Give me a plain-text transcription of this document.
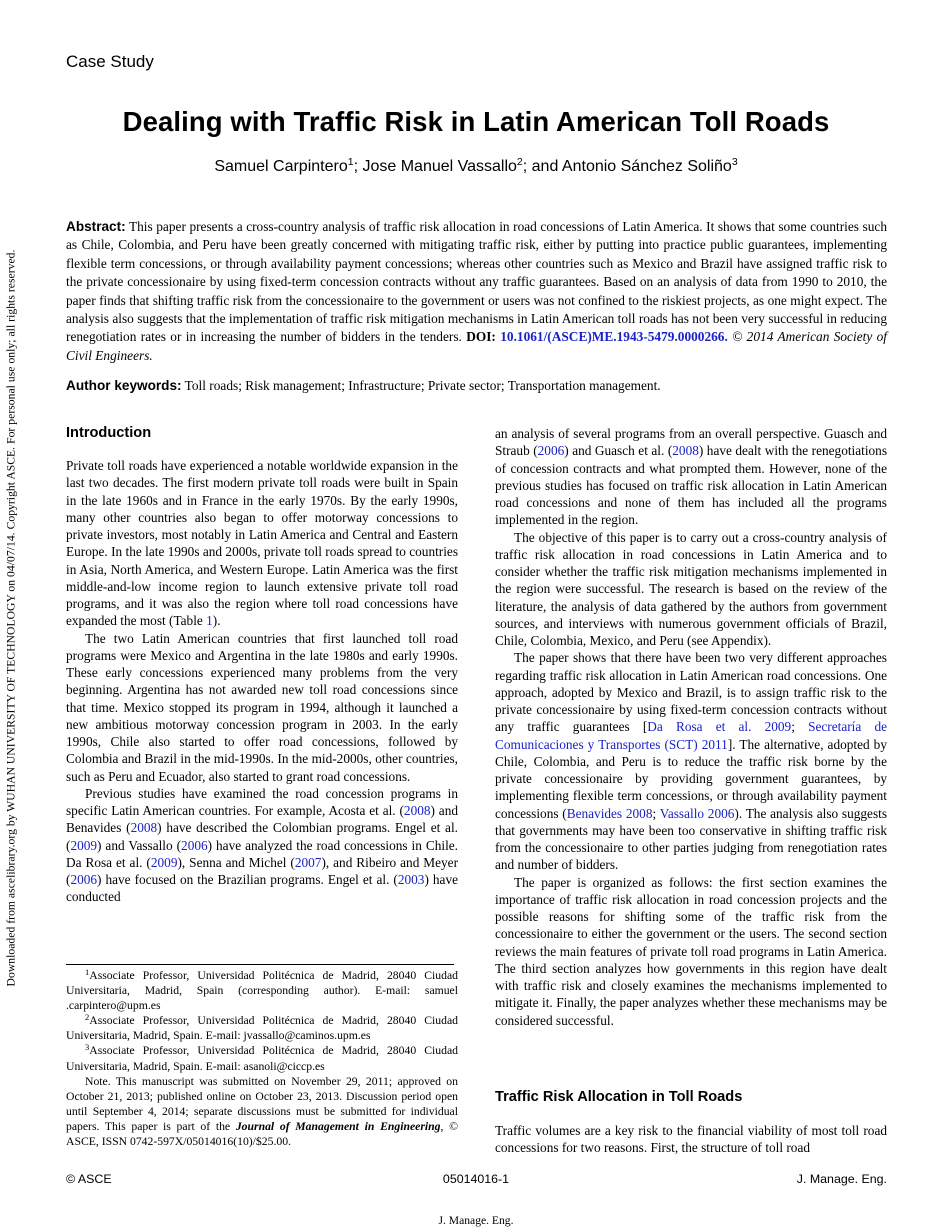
Downloaded from ascelibrary.org by WUHAN UNIVERSITY OF TECHNOLOGY on 04/07/14. Copyright ASCE. For personal use only; all rights reserved.
Case Study
Dealing with Traffic Risk in Latin American Toll Roads
Samuel Carpintero$^1$; Jose Manuel Vassallo$^2$; and Antonio Sánchez Soliño$^3$
Abstract: This paper presents a cross-country analysis of traffic risk allocation in road concessions of Latin America. It shows that some countries such as Chile, Colombia, and Peru have been greatly concerned with mitigating traffic risk, either by putting into practice public guarantees, implementing flexible term concessions, or through availability payment concessions; whereas other countries such as Mexico and Brazil have assigned traffic risk to the private concessionaire by using fixed-term concession contracts without any traffic guarantees. Based on an analysis of data from 1990 to 2010, the paper finds that shifting traffic risk from the concessionaire to the government or users was not confined to the riskiest projects, as one might expect. The analysis also suggests that the implementation of traffic risk mitigation mechanisms in Latin American toll roads has not been very successful in reducing renegotiation rates or in increasing the number of bidders in the tenders. DOI: 10.1061/(ASCE)ME.1943-5479.0000266. © 2014 American Society of Civil Engineers.
Author keywords: Toll roads; Risk management; Infrastructure; Private sector; Transportation management.
Introduction

Private toll roads have experienced a notable worldwide expansion in the last two decades. The first modern private toll roads were built in Spain in the late 1960s and in France in the early 1970s. By the early 1990s, many other countries also began to offer motorway concessions to private investors, most notably in Latin America and Central and Eastern Europe. In the late 1990s and 2000s, private toll roads spread to countries in Asia, North America, and Western Europe. Latin America was the first middle-and-low income region to launch extensive private toll road programs, and it was also the region where toll road concessions have expanded the most (Table 1).

The two Latin American countries that first launched toll road programs were Mexico and Argentina in the late 1980s and early 1990s. These early concessions experienced many problems from the very beginning. Argentina has not awarded new toll road concessions since that time. Mexico stopped its program in 1994, although it launched a new ambitious motorway concession program in 2003. In the early 1990s, Chile also started to offer road concessions, followed by Colombia and Brazil in the mid-1990s. In the mid-2000s, other countries, such as Peru and Ecuador, also started to grant road concessions.

Previous studies have examined the road concession programs in specific Latin American countries. For example, Acosta et al. (2008) and Benavides (2008) have described the Colombian programs. Engel et al. (2009) and Vassallo (2006) have analyzed the road concessions in Chile. Da Rosa et al. (2009), Senna and Michel (2007), and Ribeiro and Meyer (2006) have focused on the Brazilian programs. Engel et al. (2003) have conducted

$^1$Associate Professor, Universidad Politécnica de Madrid, 28040 Ciudad Universitaria, Madrid, Spain (corresponding author). E-mail: samuel .carpintero@upm.es

$^2$Associate Professor, Universidad Politécnica de Madrid, 28040 Ciudad Universitaria, Madrid, Spain. E-mail: jvassallo@caminos.upm.es

$^3$Associate Professor, Universidad Politécnica de Madrid, 28040 Ciudad Universitaria, Madrid, Spain. E-mail: asanoli@ciccp.es

Note. This manuscript was submitted on November 29, 2011; approved on October 21, 2013; published online on October 23, 2013. Discussion period open until September 4, 2014; separate discussions must be submitted for individual papers. This paper is part of the Journal of Management in Engineering, © ASCE, ISSN 0742-597X/05014016(10)/$25.00.

an analysis of several programs from an overall perspective. Guasch and Straub (2006) and Guasch et al. (2008) have dealt with the renegotiations of concession contracts and what prompted them. However, none of the previous studies has focused on traffic risk allocation in Latin American road concessions and none of them has included all the programs implemented in the region.

The objective of this paper is to carry out a cross-country analysis of traffic risk allocation in road concessions in Latin America and to consider whether the traffic risk mitigation mechanisms implemented in the region were successful. The research is based on the review of the literature, the analysis of data gathered by the authors from government sources, and interviews with numerous government officials of Brazil, Chile, Colombia, Mexico, and Peru (see Appendix).

The paper shows that there have been two very different approaches regarding traffic risk allocation in Latin American road concessions. One approach, adopted by Mexico and Brazil, is to assign traffic risk to the private concessionaire by using fixed-term concession contracts without any traffic guarantees [Da Rosa et al. 2009; Secretaría de Comunicaciones y Transportes (SCT) 2011]. The alternative, adopted by Chile, Colombia, and Peru is to reduce the traffic risk borne by the private concessionaire by providing government guarantees, by implementing flexible term concessions, or through availability payment concessions (Benavides 2008; Vassallo 2006). The analysis also suggests that governments may have been too conservative in shifting traffic risk from the concessionaire to other parties judging from renegotiation rates and number of bidders.

The paper is organized as follows: the first section examines the importance of traffic risk allocation in road concession projects and the possible reasons for shifting some of the traffic risk from the concessionaire to either the government or the users. The second section reviews the main features of private toll road programs in Latin America. The third section analyzes how governments in this region have dealt with traffic risk and closely examines the mechanisms implemented to mitigate it. Finally, the paper analyzes whether these mechanisms may be considered successful.

Traffic Risk Allocation in Toll Roads

Traffic volumes are a key risk to the financial viability of most toll road concessions for two reasons. First, the structure of toll road

© ASCE	05014016-1	J. Manage. Eng.
J. Manage. Eng.
